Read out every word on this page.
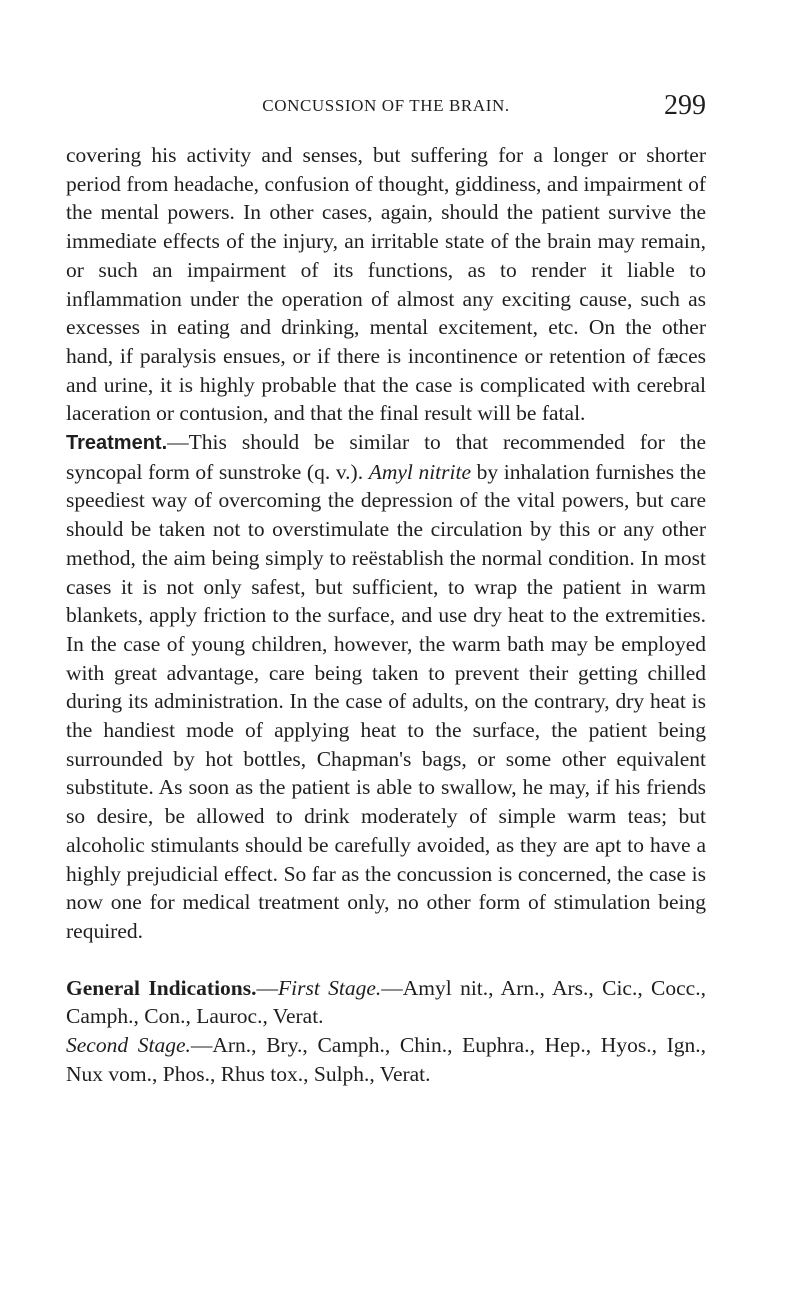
CONCUSSION OF THE BRAIN.	299

covering his activity and senses, but suffering for a longer or shorter period from headache, confusion of thought, giddiness, and impairment of the mental powers. In other cases, again, should the patient survive the immediate effects of the injury, an irritable state of the brain may remain, or such an impairment of its functions, as to render it liable to inflammation under the operation of almost any exciting cause, such as excesses in eating and drinking, mental excitement, etc. On the other hand, if paralysis ensues, or if there is incontinence or retention of fæces and urine, it is highly probable that the case is complicated with cerebral laceration or contusion, and that the final result will be fatal.

Treatment.—This should be similar to that recommended for the syncopal form of sunstroke (q. v.). Amyl nitrite by inhalation furnishes the speediest way of overcoming the depression of the vital powers, but care should be taken not to overstimulate the circulation by this or any other method, the aim being simply to reëstablish the normal condition. In most cases it is not only safest, but sufficient, to wrap the patient in warm blankets, apply friction to the surface, and use dry heat to the extremities. In the case of young children, however, the warm bath may be employed with great advantage, care being taken to prevent their getting chilled during its administration. In the case of adults, on the contrary, dry heat is the handiest mode of applying heat to the surface, the patient being surrounded by hot bottles, Chapman's bags, or some other equivalent substitute. As soon as the patient is able to swallow, he may, if his friends so desire, be allowed to drink moderately of simple warm teas; but alcoholic stimulants should be carefully avoided, as they are apt to have a highly prejudicial effect. So far as the concussion is concerned, the case is now one for medical treatment only, no other form of stimulation being required.

General Indications.—First Stage.—Amyl nit., Arn., Ars., Cic., Cocc., Camph., Con., Lauroc., Verat.

Second Stage.—Arn., Bry., Camph., Chin., Euphra., Hep., Hyos., Ign., Nux vom., Phos., Rhus tox., Sulph., Verat.
